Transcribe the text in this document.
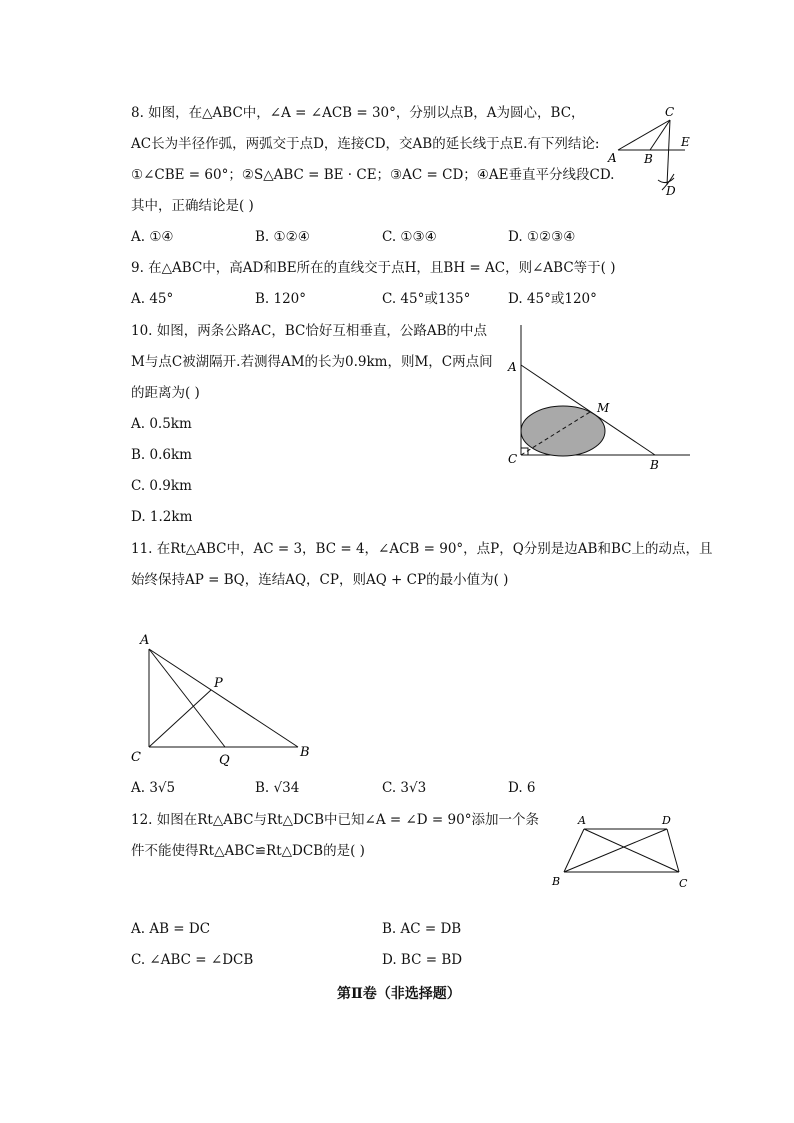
8. 如图，在△ABC中，∠A = ∠ACB = 30°，分别以点B，A为圆心，BC，
AC长为半径作弧，两弧交于点D，连接CD，交AB的延长线于点E.有下列结论:
①∠CBE = 60°；②S△ABC = BE · CE；③AC = CD；④AE垂直平分线段CD.
其中，正确结论是( )
A. ①④	B. ①②④	C. ①③④	D. ①②③④
C
A B
E
D
9. 在△ABC中，高AD和BE所在的直线交于点H，且BH = AC，则∠ABC等于( )
A. 45°	B. 120°	C. 45°或135°	D. 45°或120°
10. 如图，两条公路AC，BC恰好互相垂直，公路AB的中点
M与点C被湖隔开.若测得AM的长为0.9km，则M，C两点间
的距离为( )
A. 0.5km
B. 0.6km
C. 0.9km
D. 1.2km
A
M
C	B
11. 在Rt△ABC中，AC = 3，BC = 4，∠ACB = 90°，点P，Q分别是边AB和BC上的动点，且
始终保持AP = BQ，连结AQ，CP，则AQ + CP的最小值为( )
A
P
C	Q
B
A. 3√5	B. √34	C. 3√3	D. 6
12. 如图在Rt△ABC与Rt△DCB中已知∠A = ∠D = 90°添加一个条
件不能使得Rt△ABC≌Rt△DCB的是( )
A	D
B	C
A. AB = DC	B. AC = DB
C. ∠ABC = ∠DCB	D. BC = BD
第Ⅱ卷（非选择题）
